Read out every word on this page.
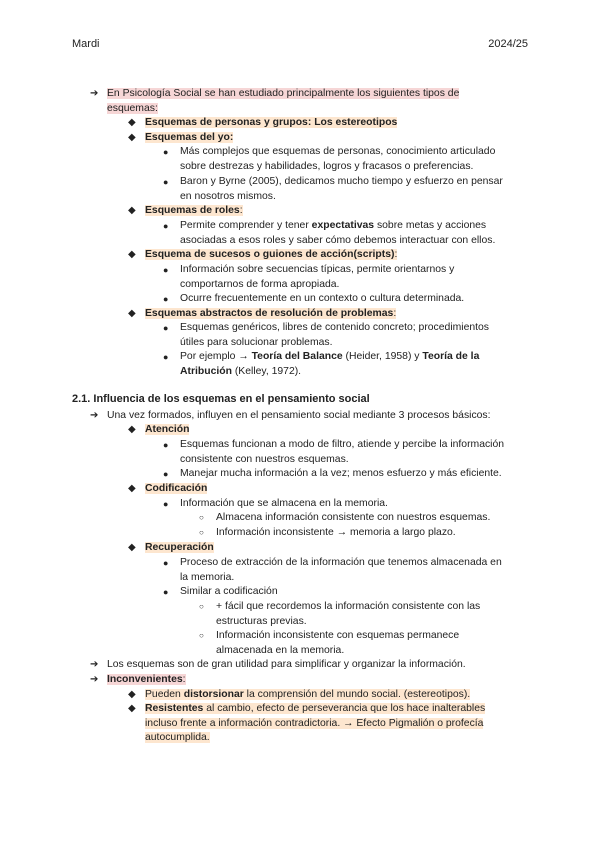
Mardi	2024/25
➔ En Psicología Social se han estudiado principalmente los siguientes tipos de
esquemas:
◆ Esquemas de personas y grupos: Los estereotipos
◆ Esquemas del yo:
● Más complejos que esquemas de personas, conocimiento articulado
sobre destrezas y habilidades, logros y fracasos o preferencias.
● Baron y Byrne (2005), dedicamos mucho tiempo y esfuerzo en pensar
en nosotros mismos.
◆ Esquemas de roles:
● Permite comprender y tener expectativas sobre metas y acciones
asociadas a esos roles y saber cómo debemos interactuar con ellos.
◆ Esquema de sucesos o guiones de acción(scripts):
● Información sobre secuencias típicas, permite orientarnos y
comportarnos de forma apropiada.
● Ocurre frecuentemente en un contexto o cultura determinada.
◆ Esquemas abstractos de resolución de problemas:
● Esquemas genéricos, libres de contenido concreto; procedimientos
útiles para solucionar problemas.
● Por ejemplo → Teoría del Balance (Heider, 1958) y Teoría de la
Atribución (Kelley, 1972).
2.1. Influencia de los esquemas en el pensamiento social
➔ Una vez formados, influyen en el pensamiento social mediante 3 procesos básicos:
◆ Atención
● Esquemas funcionan a modo de filtro, atiende y percibe la información
consistente con nuestros esquemas.
● Manejar mucha información a la vez; menos esfuerzo y más eficiente.
◆ Codificación
● Información que se almacena en la memoria.
○ Almacena información consistente con nuestros esquemas.
○ Información inconsistente → memoria a largo plazo.
◆ Recuperación
● Proceso de extracción de la información que tenemos almacenada en
la memoria.
● Similar a codificación
○ + fácil que recordemos la información consistente con las
estructuras previas.
○ Información inconsistente con esquemas permanece
almacenada en la memoria.
➔ Los esquemas son de gran utilidad para simplificar y organizar la información.
➔ Inconvenientes:
◆ Pueden distorsionar la comprensión del mundo social. (estereotipos).
◆ Resistentes al cambio, efecto de perseverancia que los hace inalterables
incluso frente a información contradictoria. → Efecto Pigmalión o profecía
autocumplida.
